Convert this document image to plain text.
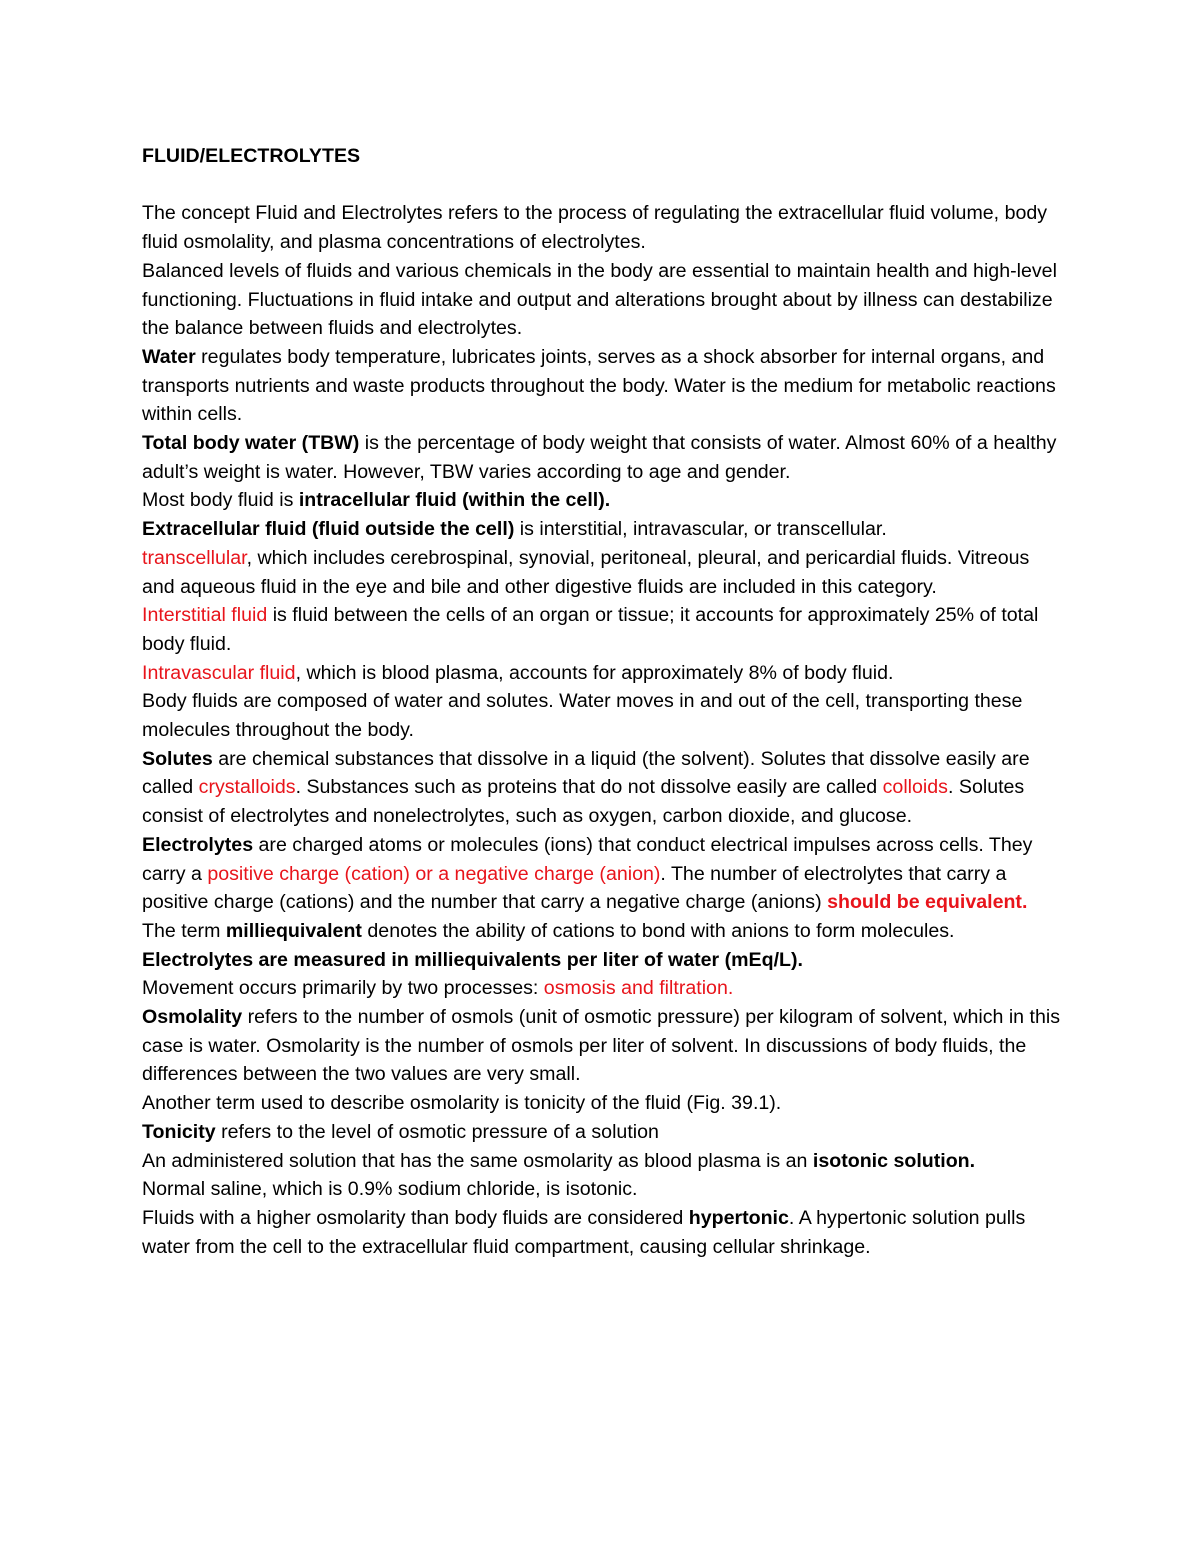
FLUID/ELECTROLYTES

The concept Fluid and Electrolytes refers to the process of regulating the extracellular fluid volume, body fluid osmolality, and plasma concentrations of electrolytes.

Balanced levels of fluids and various chemicals in the body are essential to maintain health and high-level functioning. Fluctuations in fluid intake and output and alterations brought about by illness can destabilize the balance between fluids and electrolytes.

Water regulates body temperature, lubricates joints, serves as a shock absorber for internal organs, and transports nutrients and waste products throughout the body. Water is the medium for metabolic reactions within cells.

Total body water (TBW) is the percentage of body weight that consists of water. Almost 60% of a healthy adult’s weight is water. However, TBW varies according to age and gender.

Most body fluid is intracellular fluid (within the cell).

Extracellular fluid (fluid outside the cell) is interstitial, intravascular, or transcellular.

transcellular, which includes cerebrospinal, synovial, peritoneal, pleural, and pericardial fluids. Vitreous and aqueous fluid in the eye and bile and other digestive fluids are included in this category.

Interstitial fluid is fluid between the cells of an organ or tissue; it accounts for approximately 25% of total body fluid.

Intravascular fluid, which is blood plasma, accounts for approximately 8% of body fluid.

Body fluids are composed of water and solutes. Water moves in and out of the cell, transporting these molecules throughout the body.

Solutes are chemical substances that dissolve in a liquid (the solvent). Solutes that dissolve easily are called crystalloids. Substances such as proteins that do not dissolve easily are called colloids. Solutes consist of electrolytes and nonelectrolytes, such as oxygen, carbon dioxide, and glucose.

Electrolytes are charged atoms or molecules (ions) that conduct electrical impulses across cells. They carry a positive charge (cation) or a negative charge (anion). The number of electrolytes that carry a positive charge (cations) and the number that carry a negative charge (anions) should be equivalent.

The term milliequivalent denotes the ability of cations to bond with anions to form molecules.

Electrolytes are measured in milliequivalents per liter of water (mEq/L).

Movement occurs primarily by two processes: osmosis and filtration.

Osmolality refers to the number of osmols (unit of osmotic pressure) per kilogram of solvent, which in this case is water. Osmolarity is the number of osmols per liter of solvent. In discussions of body fluids, the differences between the two values are very small.

Another term used to describe osmolarity is tonicity of the fluid (Fig. 39.1).

Tonicity refers to the level of osmotic pressure of a solution

An administered solution that has the same osmolarity as blood plasma is an isotonic solution.

Normal saline, which is 0.9% sodium chloride, is isotonic.

Fluids with a higher osmolarity than body fluids are considered hypertonic. A hypertonic solution pulls water from the cell to the extracellular fluid compartment, causing cellular shrinkage.
